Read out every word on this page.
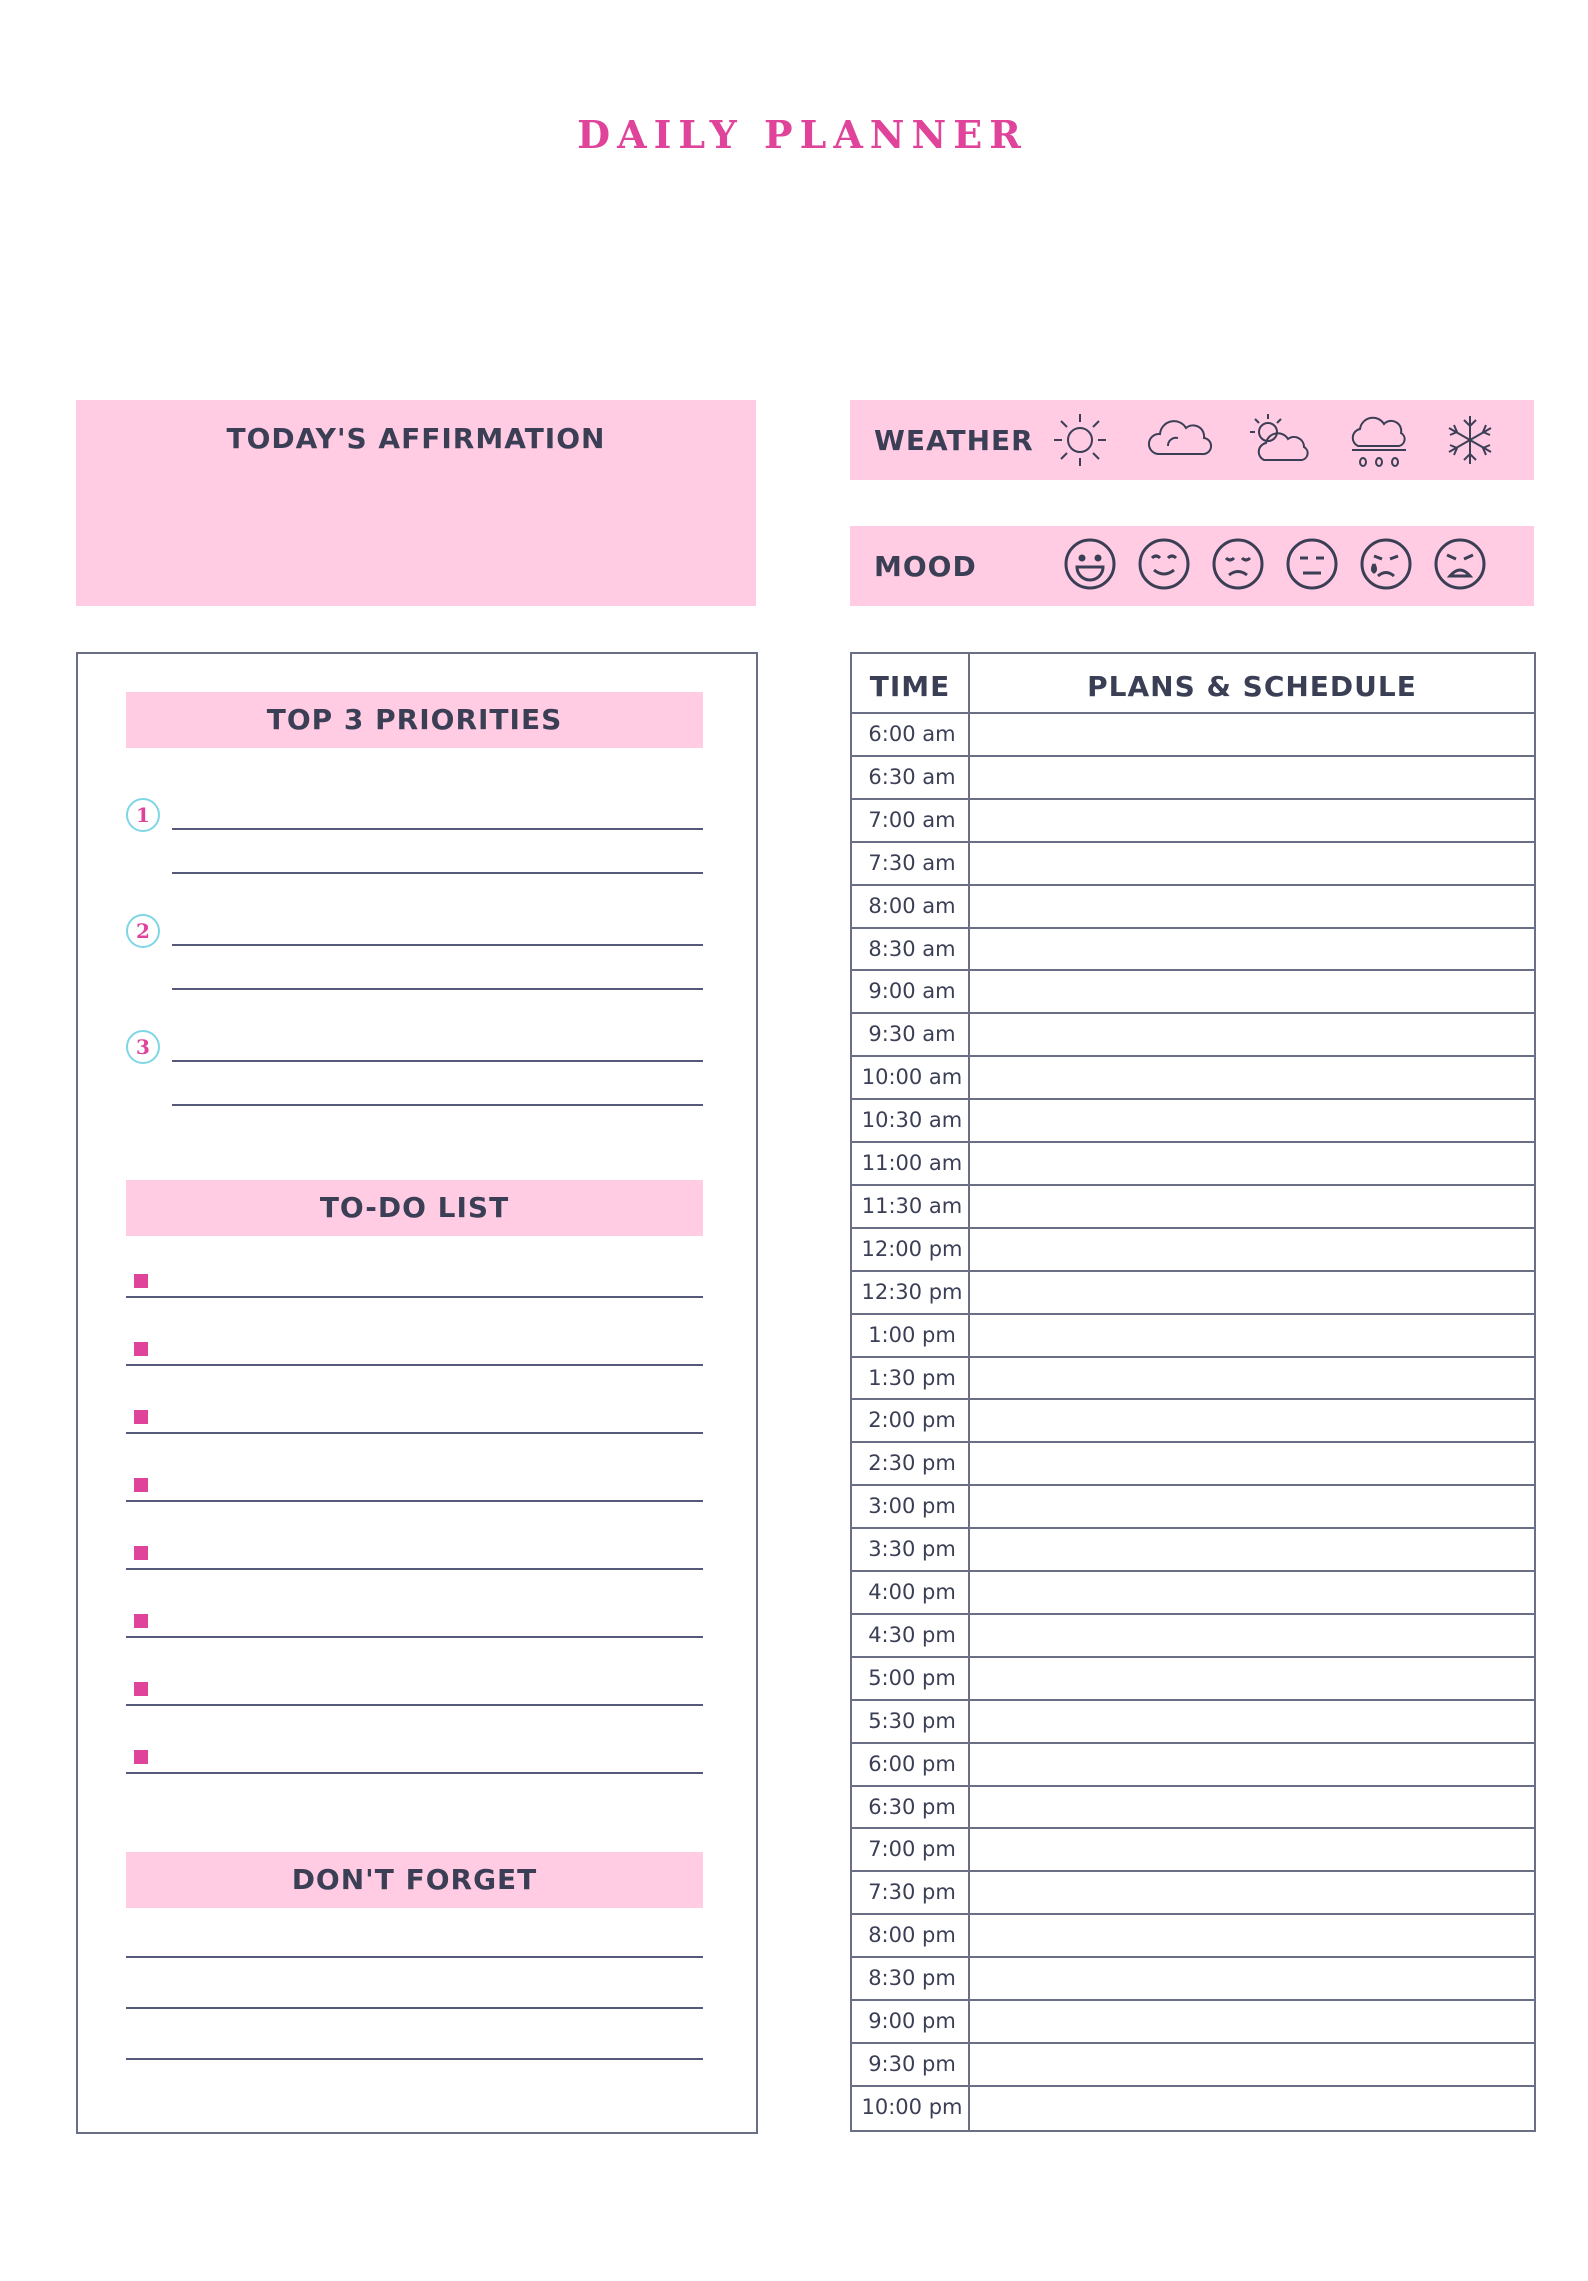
DAILY PLANNER
TODAY'S AFFIRMATION	WEATHER
MOOD
TOP 3 PRIORITIES
1
2
3
TO-DO LIST
DON'T FORGET
TIME	PLANS & SCHEDULE
6:00 am
6:30 am
7:00 am
7:30 am
8:00 am
8:30 am
9:00 am
9:30 am
10:00 am
10:30 am
11:00 am
11:30 am
12:00 pm
12:30 pm
1:00 pm
1:30 pm
2:00 pm
2:30 pm
3:00 pm
3:30 pm
4:00 pm
4:30 pm
5:00 pm
5:30 pm
6:00 pm
6:30 pm
7:00 pm
7:30 pm
8:00 pm
8:30 pm
9:00 pm
9:30 pm
10:00 pm
